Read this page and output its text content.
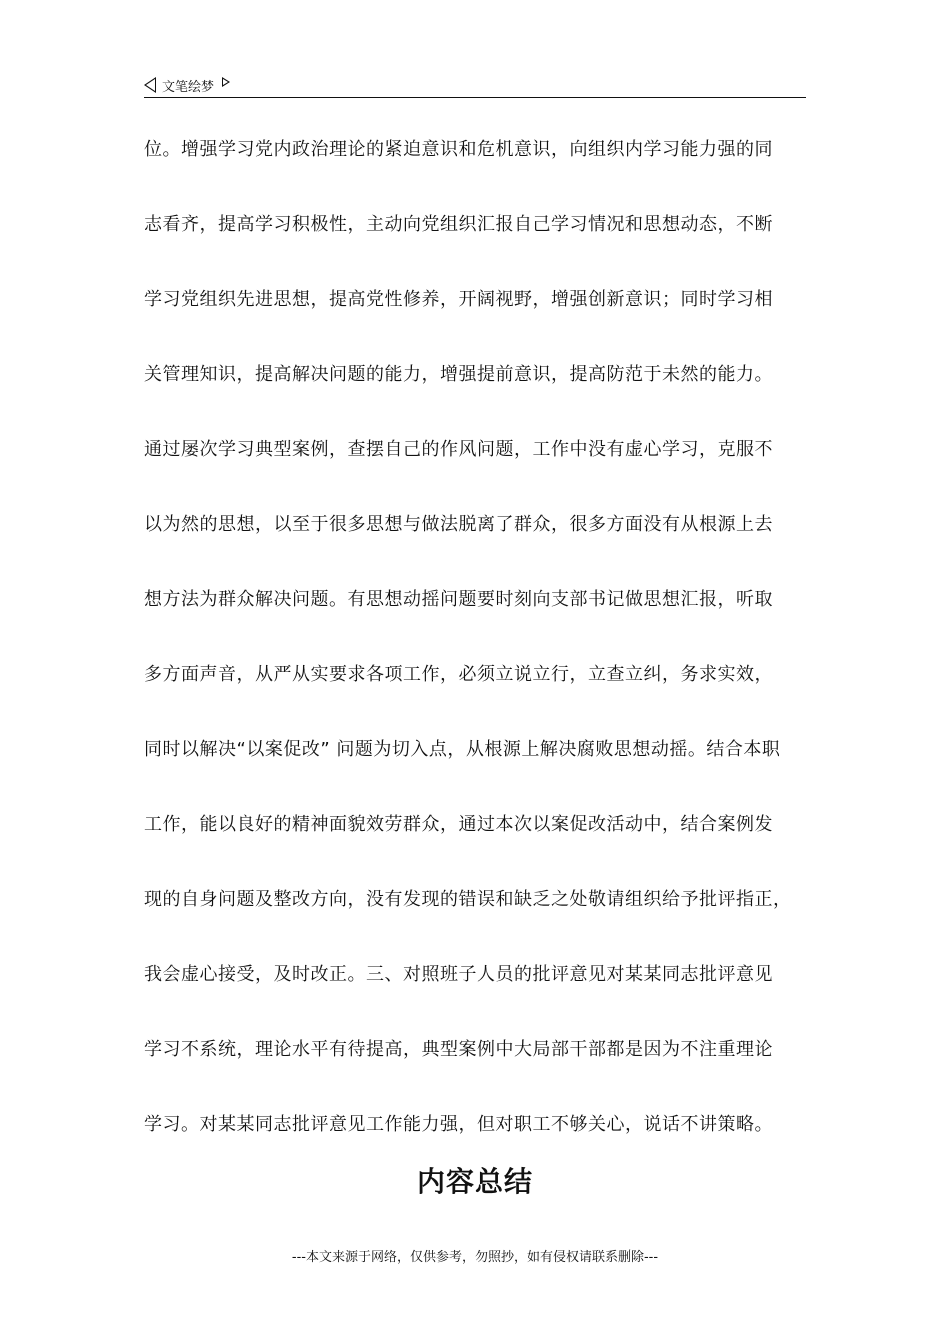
文笔绘梦
位。增强学习党内政治理论的紧迫意识和危机意识，向组织内学习能力强的同
志看齐，提高学习积极性，主动向党组织汇报自己学习情况和思想动态，不断
学习党组织先进思想，提高党性修养，开阔视野，增强创新意识；同时学习相
关管理知识，提高解决问题的能力，增强提前意识，提高防范于未然的能力。
通过屡次学习典型案例，查摆自己的作风问题，工作中没有虚心学习，克服不
以为然的思想，以至于很多思想与做法脱离了群众，很多方面没有从根源上去
想方法为群众解决问题。有思想动摇问题要时刻向支部书记做思想汇报，听取
多方面声音，从严从实要求各项工作，必须立说立行，立查立纠，务求实效，
同时以解决“以案促改” 问题为切入点，从根源上解决腐败思想动摇。结合本职
工作，能以良好的精神面貌效劳群众，通过本次以案促改活动中，结合案例发
现的自身问题及整改方向，没有发现的错误和缺乏之处敬请组织给予批评指正，
我会虚心接受，及时改正。三、对照班子人员的批评意见对某某同志批评意见
学习不系统，理论水平有待提高，典型案例中大局部干部都是因为不注重理论
学习。对某某同志批评意见工作能力强，但对职工不够关心，说话不讲策略。
内容总结
---本文来源于网络，仅供参考，勿照抄，如有侵权请联系删除---
